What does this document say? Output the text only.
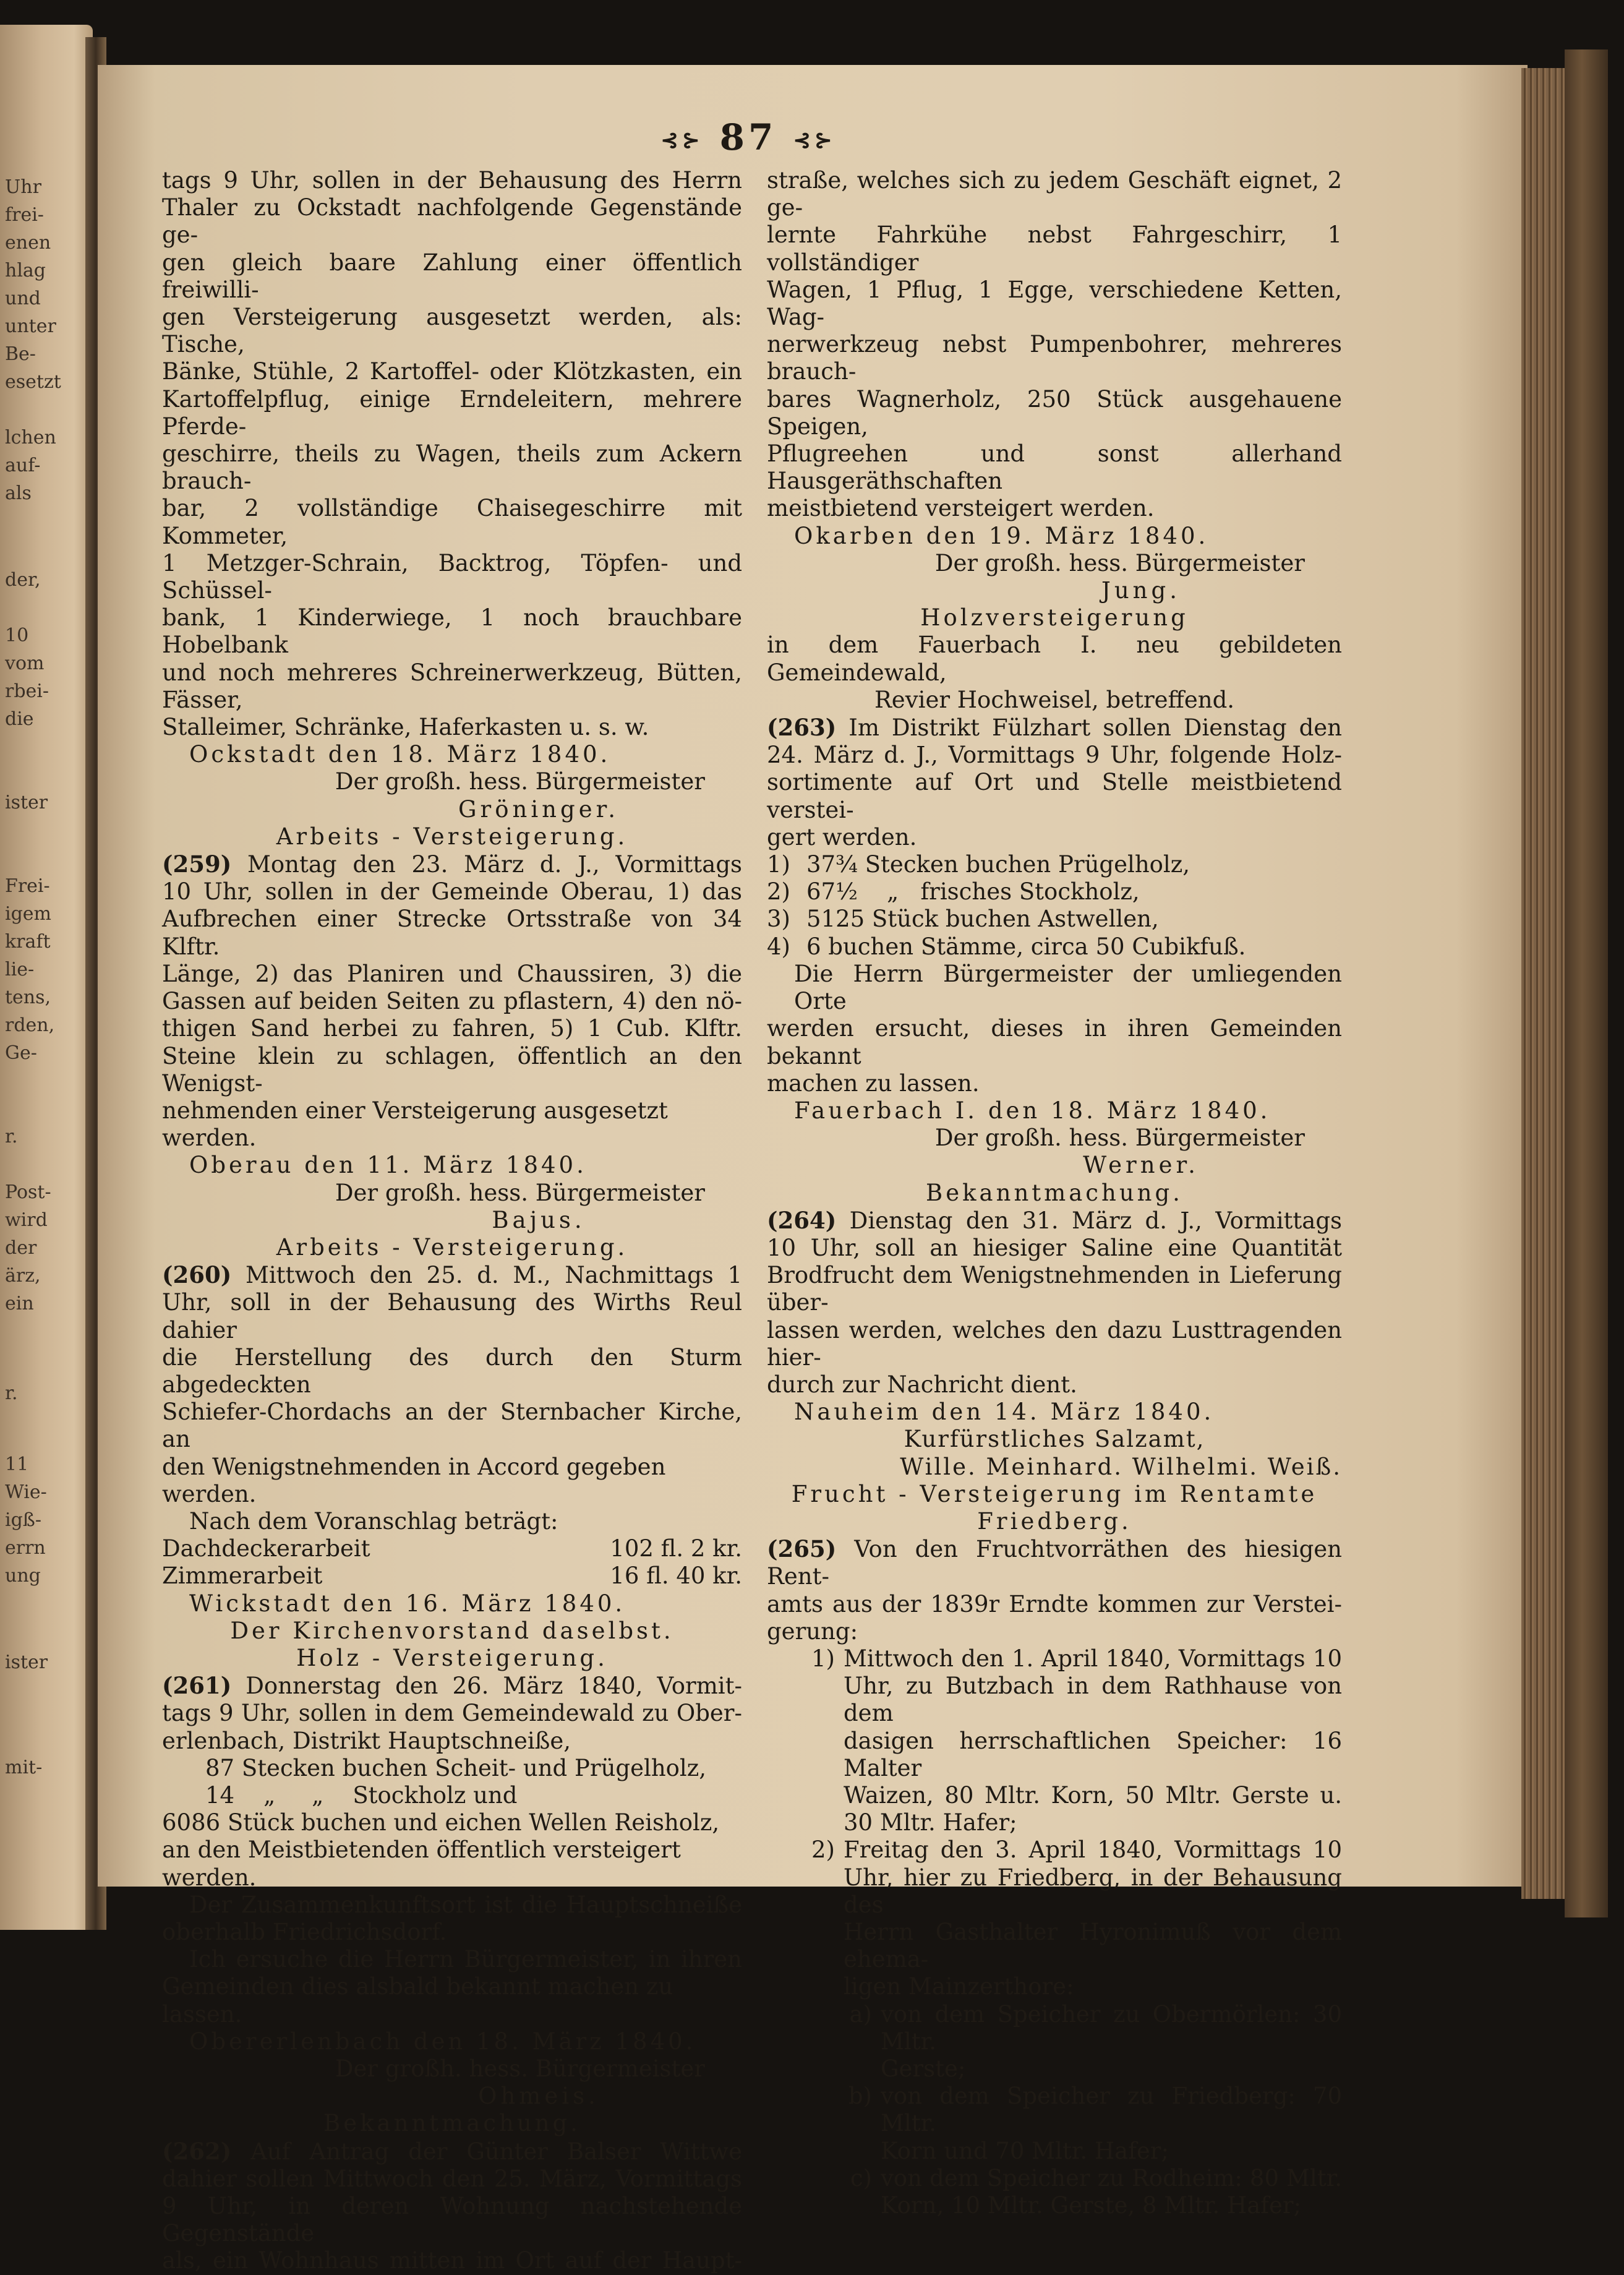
Uhr
frei-
enen
hlag
und
unter
Be-
esetzt
lchen
auf-
als
der,
10
vom
rbei-
die
ister
Frei-
igem
kraft
lie-
tens,
rden,
Ge-
r.
Post-
wird
der
ärz,
ein
r.
11
Wie-
igß-
errn
ung
ister
mit-
⊰⊱ 87 ⊰⊱

tags 9 Uhr, sollen in der Behausung des Herrn

Thaler zu Ockstadt nachfolgende Gegenstände ge-

gen gleich baare Zahlung einer öffentlich freiwilli-

gen Versteigerung ausgesetzt werden, als: Tische,

Bänke, Stühle, 2 Kartoffel- oder Klötzkasten, ein

Kartoffelpflug, einige Erndeleitern, mehrere Pferde-

geschirre, theils zu Wagen, theils zum Ackern brauch-

bar, 2 vollständige Chaisegeschirre mit Kommeter,

1 Metzger-Schrain, Backtrog, Töpfen- und Schüssel-

bank, 1 Kinderwiege, 1 noch brauchbare Hobelbank

und noch mehreres Schreinerwerkzeug, Bütten, Fässer,

Stalleimer, Schränke, Haferkasten u. s. w.

Ockstadt den 18. März 1840.

Der großh. hess. Bürgermeister

Gröninger.

Arbeits - Versteigerung.

(259) Montag den 23. März d. J., Vormittags

10 Uhr, sollen in der Gemeinde Oberau, 1) das

Aufbrechen einer Strecke Ortsstraße von 34 Klftr.

Länge, 2) das Planiren und Chaussiren, 3) die

Gassen auf beiden Seiten zu pflastern, 4) den nö-

thigen Sand herbei zu fahren, 5) 1 Cub. Klftr.

Steine klein zu schlagen, öffentlich an den Wenigst-

nehmenden einer Versteigerung ausgesetzt werden.

Oberau den 11. März 1840.

Der großh. hess. Bürgermeister

Bajus.

Arbeits - Versteigerung.

(260) Mittwoch den 25. d. M., Nachmittags 1

Uhr, soll in der Behausung des Wirths Reul dahier

die Herstellung des durch den Sturm abgedeckten

Schiefer-Chordachs an der Sternbacher Kirche, an

den Wenigstnehmenden in Accord gegeben werden.

Nach dem Voranschlag beträgt:

Dachdeckerarbeit	102 fl. 2 kr.
Zimmerarbeit	16 fl. 40 kr.

Wickstadt den 16. März 1840.

Der Kirchenvorstand daselbst.

Holz - Versteigerung.

(261) Donnerstag den 26. März 1840, Vormit-

tags 9 Uhr, sollen in dem Gemeindewald zu Ober-

erlenbach, Distrikt Hauptschneiße,

87 Stecken buchen Scheit- und Prügelholz,

14    „     „    Stockholz und

6086 Stück buchen und eichen Wellen Reisholz,

an den Meistbietenden öffentlich versteigert werden.

Der Zusammenkunftsort ist die Hauptschneiße

oberhalb Friedrichsdorf.

Ich ersuche die Herrn Bürgermeister, in ihren

Gemeinden dies alsbald bekannt machen zu lassen.

Obererlenbach den 18. März 1840.

Der großh. hess. Bürgermeister

Ohmeis.

Bekanntmachung.

(262) Auf Antrag der Günter Balser Wittwe

dahier sollen Mittwoch den 25. März, Vormittags

9 Uhr, in deren Wohnung nachstehende Gegenstände

als, ein Wohnhaus mitten im Ort auf der Haupt-

straße, welches sich zu jedem Geschäft eignet, 2 ge-

lernte Fahrkühe nebst Fahrgeschirr, 1 vollständiger

Wagen, 1 Pflug, 1 Egge, verschiedene Ketten, Wag-

nerwerkzeug nebst Pumpenbohrer, mehreres brauch-

bares Wagnerholz, 250 Stück ausgehauene Speigen,

Pflugreehen und sonst allerhand Hausgeräthschaften

meistbietend versteigert werden.

Okarben den 19. März 1840.

Der großh. hess. Bürgermeister

Jung.

Holzversteigerung

in dem Fauerbach I. neu gebildeten Gemeindewald,

Revier Hochweisel, betreffend.

(263) Im Distrikt Fülzhart sollen Dienstag den

24. März d. J., Vormittags 9 Uhr, folgende Holz-

sortimente auf Ort und Stelle meistbietend verstei-

gert werden.

1) 37¾ Stecken buchen Prügelholz,
2) 67½    „   frisches Stockholz,
3) 5125 Stück buchen Astwellen,
4) 6 buchen Stämme, circa 50 Cubikfuß.

Die Herrn Bürgermeister der umliegenden Orte

werden ersucht, dieses in ihren Gemeinden bekannt

machen zu lassen.

Fauerbach I. den 18. März 1840.

Der großh. hess. Bürgermeister

Werner.

Bekanntmachung.

(264) Dienstag den 31. März d. J., Vormittags

10 Uhr, soll an hiesiger Saline eine Quantität

Brodfrucht dem Wenigstnehmenden in Lieferung über-

lassen werden, welches den dazu Lusttragenden hier-

durch zur Nachricht dient.

Nauheim den 14. März 1840.

Kurfürstliches Salzamt,

Wille. Meinhard. Wilhelmi. Weiß.

Frucht - Versteigerung im Rentamte

Friedberg.

(265) Von den Fruchtvorräthen des hiesigen Rent-

amts aus der 1839r Erndte kommen zur Verstei-

gerung:

1) Mittwoch den 1. April 1840, Vormittags 10

Uhr, zu Butzbach in dem Rathhause von dem

dasigen herrschaftlichen Speicher: 16 Malter

Waizen, 80 Mltr. Korn, 50 Mltr. Gerste u.

30 Mltr. Hafer;

2) Freitag den 3. April 1840, Vormittags 10

Uhr, hier zu Friedberg, in der Behausung des

Herrn Gasthalter Hyronimuß vor dem ehema-

ligen Mainzerthore:

a) von dem Speicher zu Obermörlen: 30 Mltr.

Gerste;

b) von dem Speicher zu Friedberg: 70 Mltr.

Korn und 70 Mltr. Hafer;

c) von dem Speicher zu Rodheim: 80 Mltr.

Korn, 10 Mltr. Gerste, 8 Mltr. Hafer;
